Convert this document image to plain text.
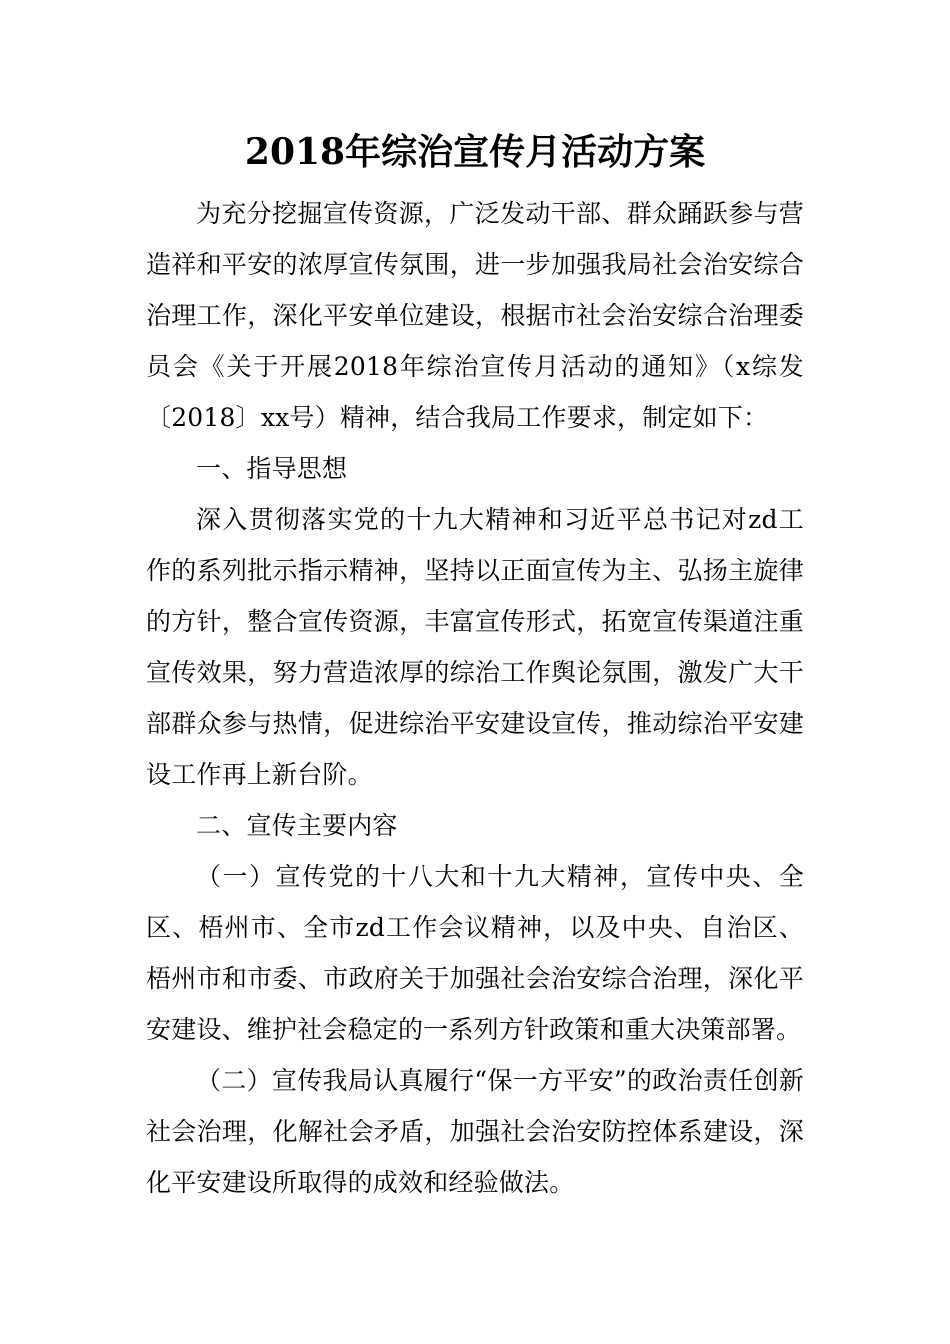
2018年综治宣传月活动方案

为充分挖掘宣传资源，广泛发动干部、群众踊跃参与营造祥和平安的浓厚宣传氛围，进一步加强我局社会治安综合治理工作，深化平安单位建设，根据市社会治安综合治理委员会《关于开展2018年综治宣传月活动的通知》（x综发〔2018〕xx号）精神，结合我局工作要求，制定如下：

一、指导思想

深入贯彻落实党的十九大精神和习近平总书记对zd工作的系列批示指示精神，坚持以正面宣传为主、弘扬主旋律的方针，整合宣传资源，丰富宣传形式，拓宽宣传渠道注重宣传效果，努力营造浓厚的综治工作舆论氛围，激发广大干部群众参与热情，促进综治平安建设宣传，推动综治平安建设工作再上新台阶。

二、宣传主要内容

（一）宣传党的十八大和十九大精神，宣传中央、全区、梧州市、全市zd工作会议精神，以及中央、自治区、梧州市和市委、市政府关于加强社会治安综合治理，深化平安建设、维护社会稳定的一系列方针政策和重大决策部署。

（二）宣传我局认真履行“保一方平安”的政治责任创新社会治理，化解社会矛盾，加强社会治安防控体系建设，深化平安建设所取得的成效和经验做法。
